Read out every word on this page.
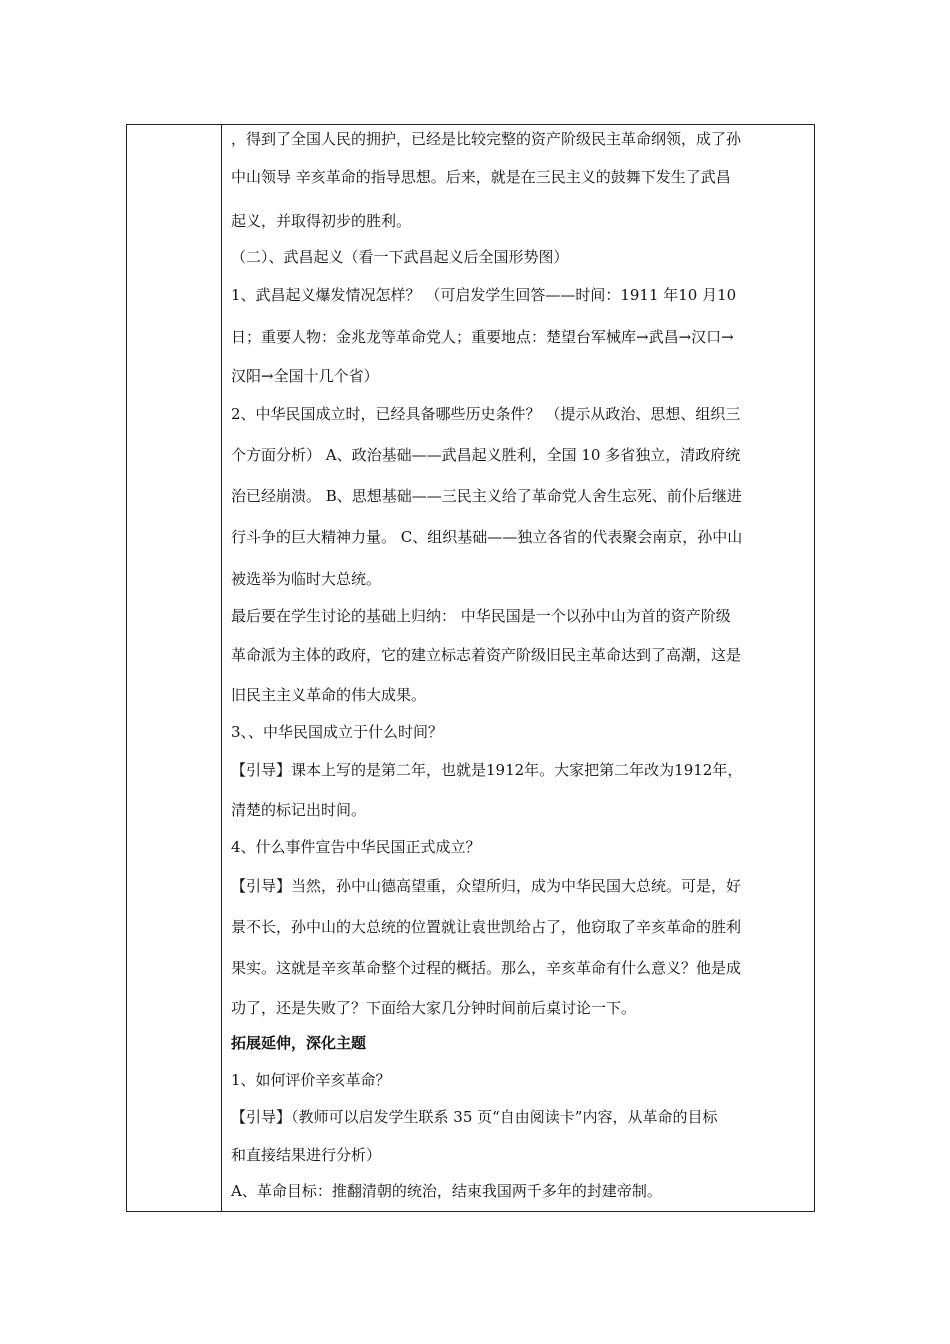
，得到了全国人民的拥护，已经是比较完整的资产阶级民主革命纲领，成了孙
中山领导 辛亥革命的指导思想。后来，就是在三民主义的鼓舞下发生了武昌
起义，并取得初步的胜利。
（二）、武昌起义（看一下武昌起义后全国形势图）
1、武昌起义爆发情况怎样？ （可启发学生回答——时间：1911 年10 月10
日；重要人物：金兆龙等革命党人；重要地点：楚望台军械库→武昌→汉口→
汉阳→全国十几个省）
2、中华民国成立时，已经具备哪些历史条件？ （提示从政治、思想、组织三
个方面分析） A、政治基础——武昌起义胜利，全国 10 多省独立，清政府统
治已经崩溃。 B、思想基础——三民主义给了革命党人舍生忘死、前仆后继进
行斗争的巨大精神力量。 C、组织基础——独立各省的代表聚会南京，孙中山
被选举为临时大总统。
最后要在学生讨论的基础上归纳： 中华民国是一个以孙中山为首的资产阶级
革命派为主体的政府，它的建立标志着资产阶级旧民主革命达到了高潮，这是
旧民主主义革命的伟大成果。
3、、中华民国成立于什么时间？
【引导】课本上写的是第二年，也就是1912年。大家把第二年改为1912年，
清楚的标记出时间。
4、什么事件宣告中华民国正式成立？
【引导】当然，孙中山德高望重，众望所归，成为中华民国大总统。可是，好
景不长，孙中山的大总统的位置就让袁世凯给占了，他窃取了辛亥革命的胜利
果实。这就是辛亥革命整个过程的概括。那么，辛亥革命有什么意义？他是成
功了，还是失败了？下面给大家几分钟时间前后桌讨论一下。
拓展延伸，深化主题
1、如何评价辛亥革命？
【引导】（教师可以启发学生联系 35 页“自由阅读卡”内容，从革命的目标
和直接结果进行分析）
A、革命目标：推翻清朝的统治，结束我国两千多年的封建帝制。
